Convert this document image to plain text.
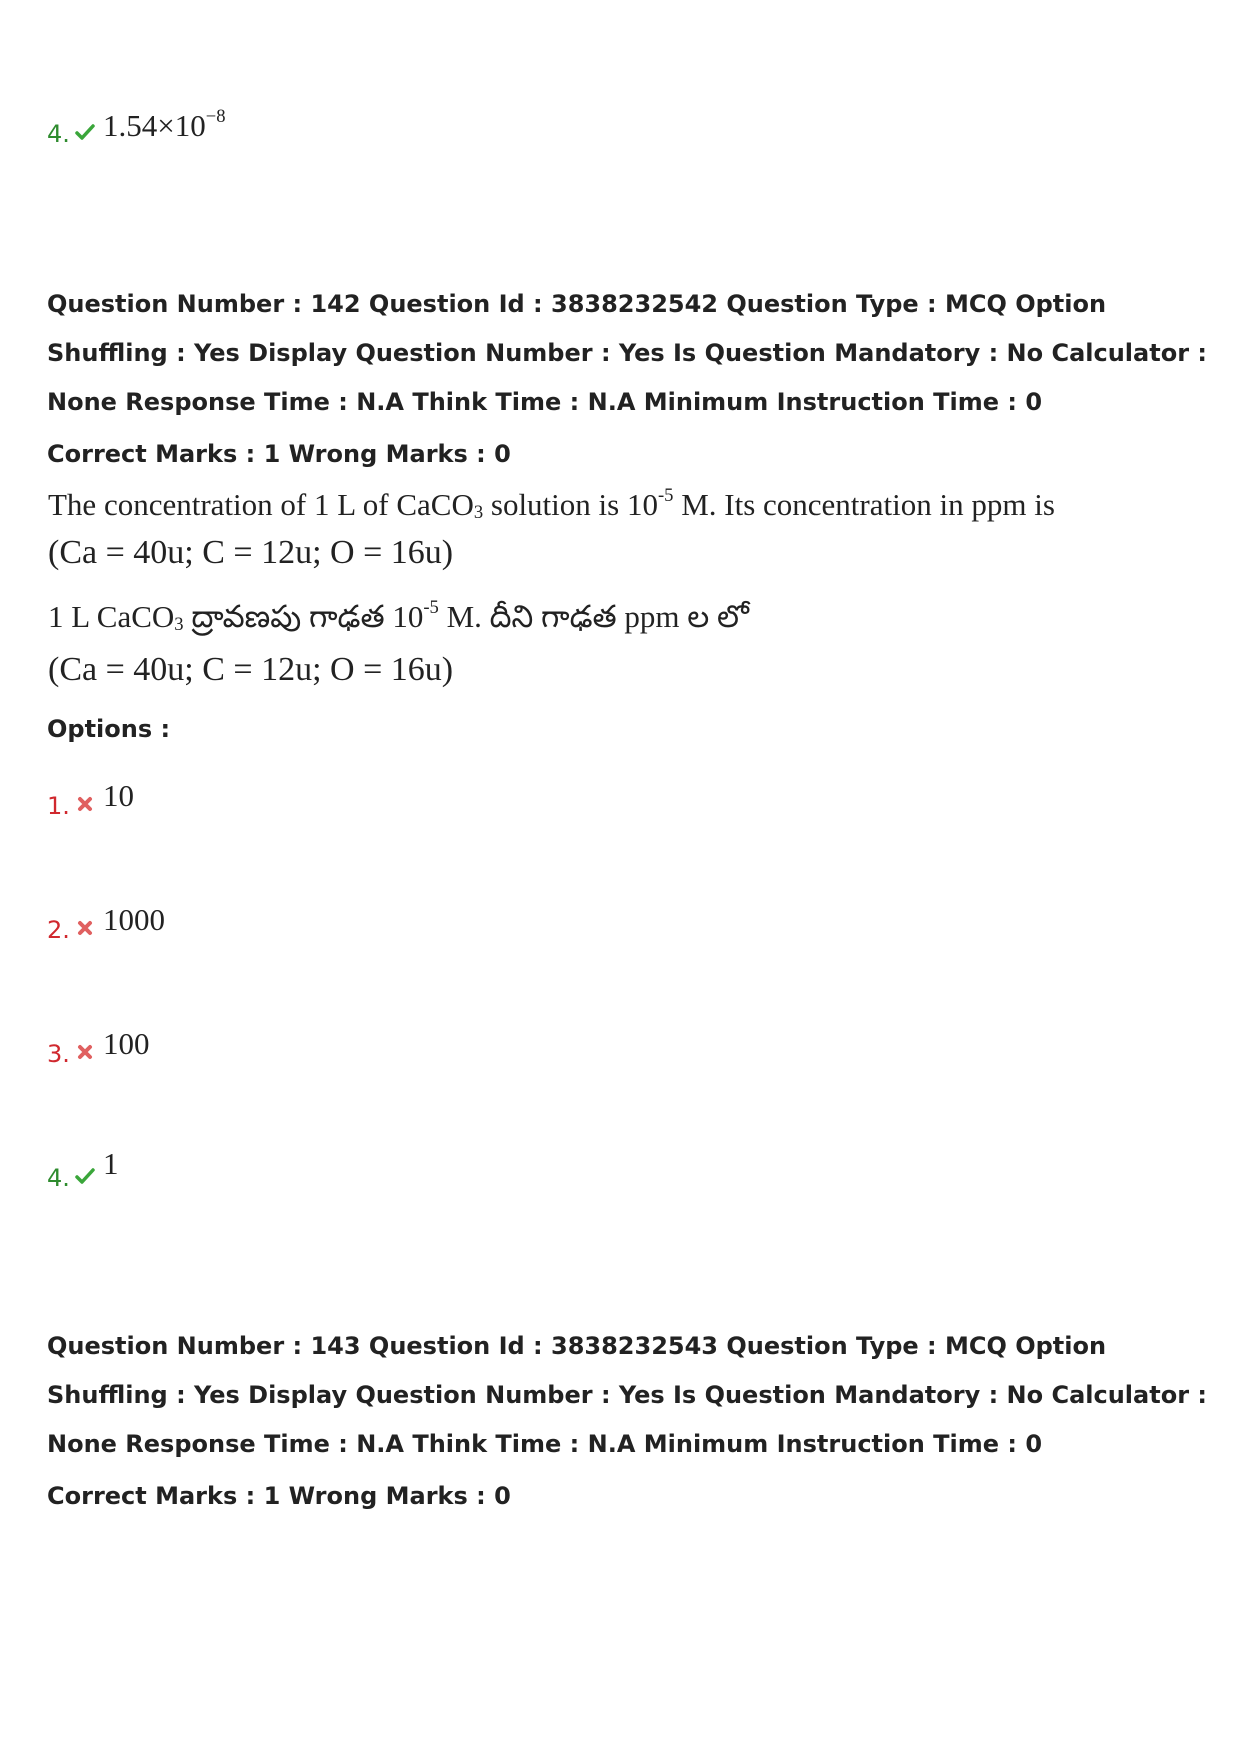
4. $1.54\times 10^{-8}$
Question Number : 142 Question Id : 3838232542 Question Type : MCQ Option Shuffling : Yes Display Question Number : Yes Is Question Mandatory : No Calculator : None Response Time : N.A Think Time : N.A Minimum Instruction Time : 0
Correct Marks : 1 Wrong Marks : 0
The concentration of 1 L of CaCO$_3$ solution is $10^{-5}$ M. Its concentration in ppm is
(Ca = 40u; C = 12u; O = 16u)
1 L CaCO$_3$ ద్రావణపు గాఢత $10^{-5}$ M. దీని గాఢత ppm ల లో
(Ca = 40u; C = 12u; O = 16u)
Options :
1. 10
2. 1000
3. 100
4. 1
Question Number : 143 Question Id : 3838232543 Question Type : MCQ Option Shuffling : Yes Display Question Number : Yes Is Question Mandatory : No Calculator : None Response Time : N.A Think Time : N.A Minimum Instruction Time : 0
Correct Marks : 1 Wrong Marks : 0
